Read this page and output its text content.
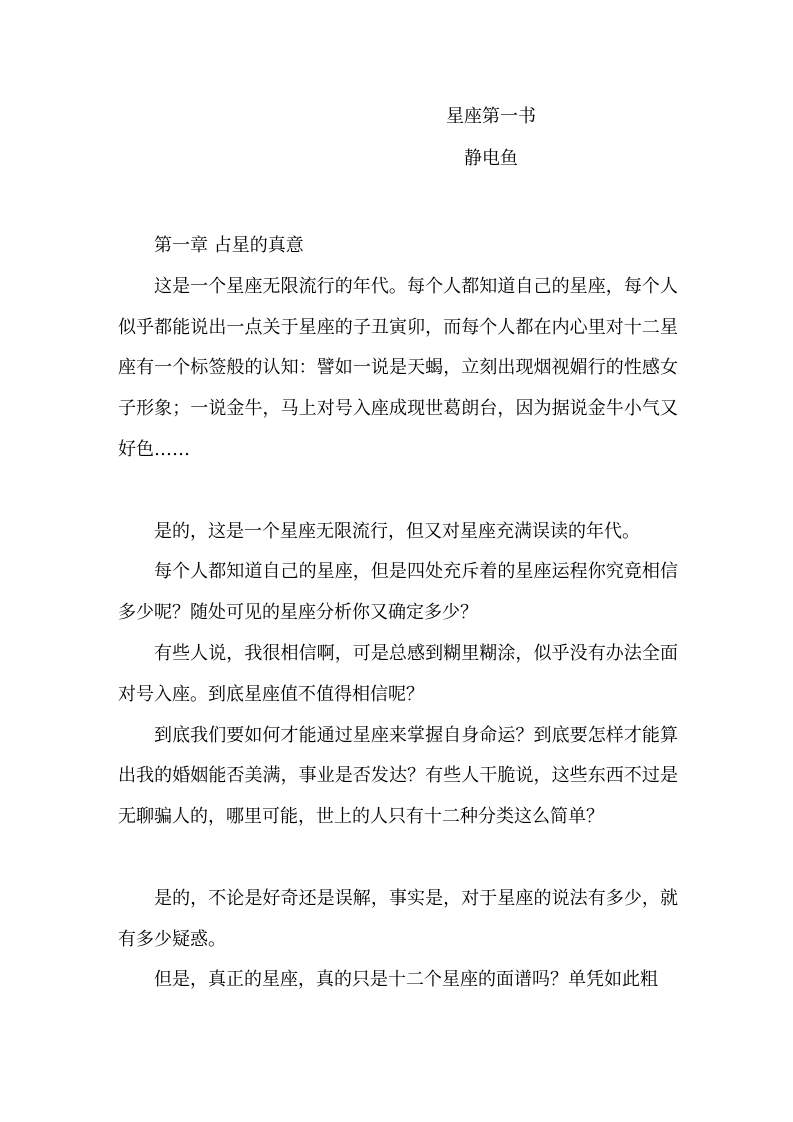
星座第一书
静电鱼

第一章 占星的真意

这是一个星座无限流行的年代。每个人都知道自己的星座，每个人似乎都能说出一点关于星座的子丑寅卯，而每个人都在内心里对十二星座有一个标签般的认知：譬如一说是天蝎，立刻出现烟视媚行的性感女子形象；一说金牛，马上对号入座成现世葛朗台，因为据说金牛小气又好色……

是的，这是一个星座无限流行，但又对星座充满误读的年代。

每个人都知道自己的星座，但是四处充斥着的星座运程你究竟相信多少呢？随处可见的星座分析你又确定多少？

有些人说，我很相信啊，可是总感到糊里糊涂，似乎没有办法全面对号入座。到底星座值不值得相信呢？

到底我们要如何才能通过星座来掌握自身命运？到底要怎样才能算出我的婚姻能否美满，事业是否发达？有些人干脆说，这些东西不过是无聊骗人的，哪里可能，世上的人只有十二种分类这么简单？

是的，不论是好奇还是误解，事实是，对于星座的说法有多少，就有多少疑惑。

但是，真正的星座，真的只是十二个星座的面谱吗？单凭如此粗
